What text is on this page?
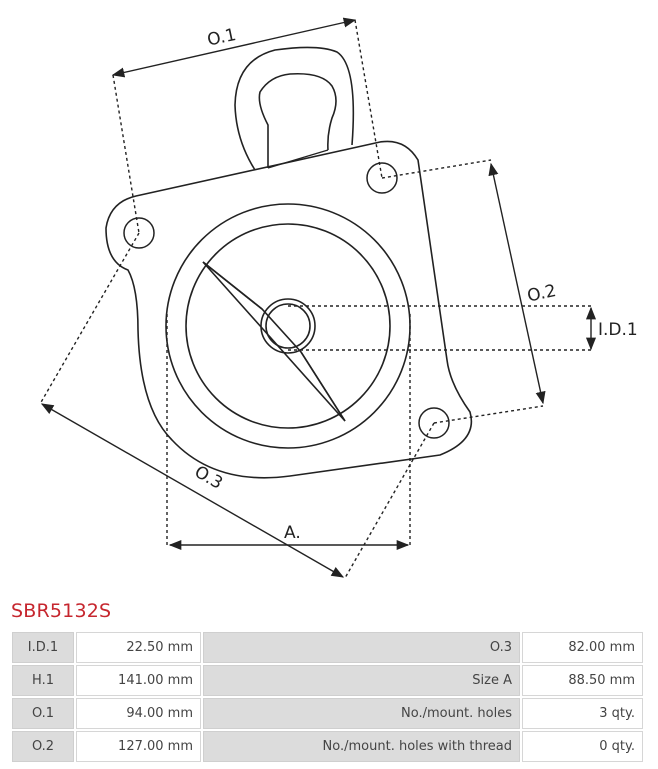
O.1
O.2
O.3
A.
I.D.1
SBR5132S
I.D.1	22.50 mm	O.3	82.00 mm
H.1	141.00 mm	Size A	88.50 mm
O.1	94.00 mm	No./mount. holes	3 qty.
O.2	127.00 mm	No./mount. holes with thread	0 qty.
